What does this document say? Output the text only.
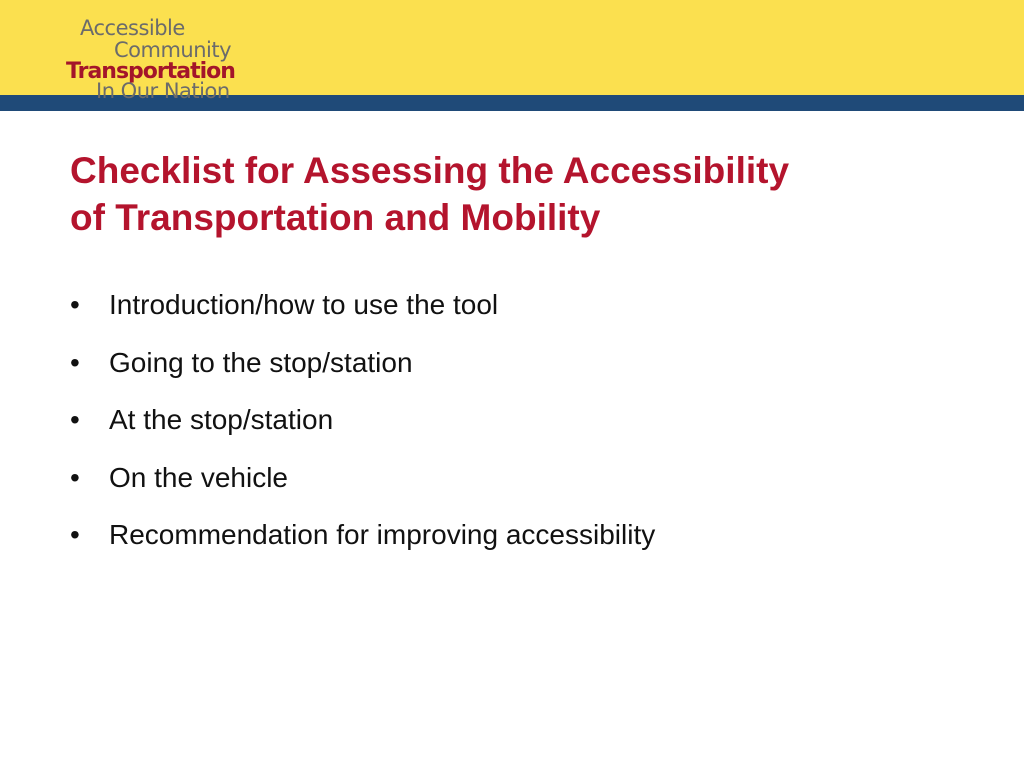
Accessible
Community
Transportation
In Our Nation
Checklist for Assessing the Accessibility
of Transportation and Mobility
• Introduction/how to use the tool
• Going to the stop/station
• At the stop/station
• On the vehicle
• Recommendation for improving accessibility
